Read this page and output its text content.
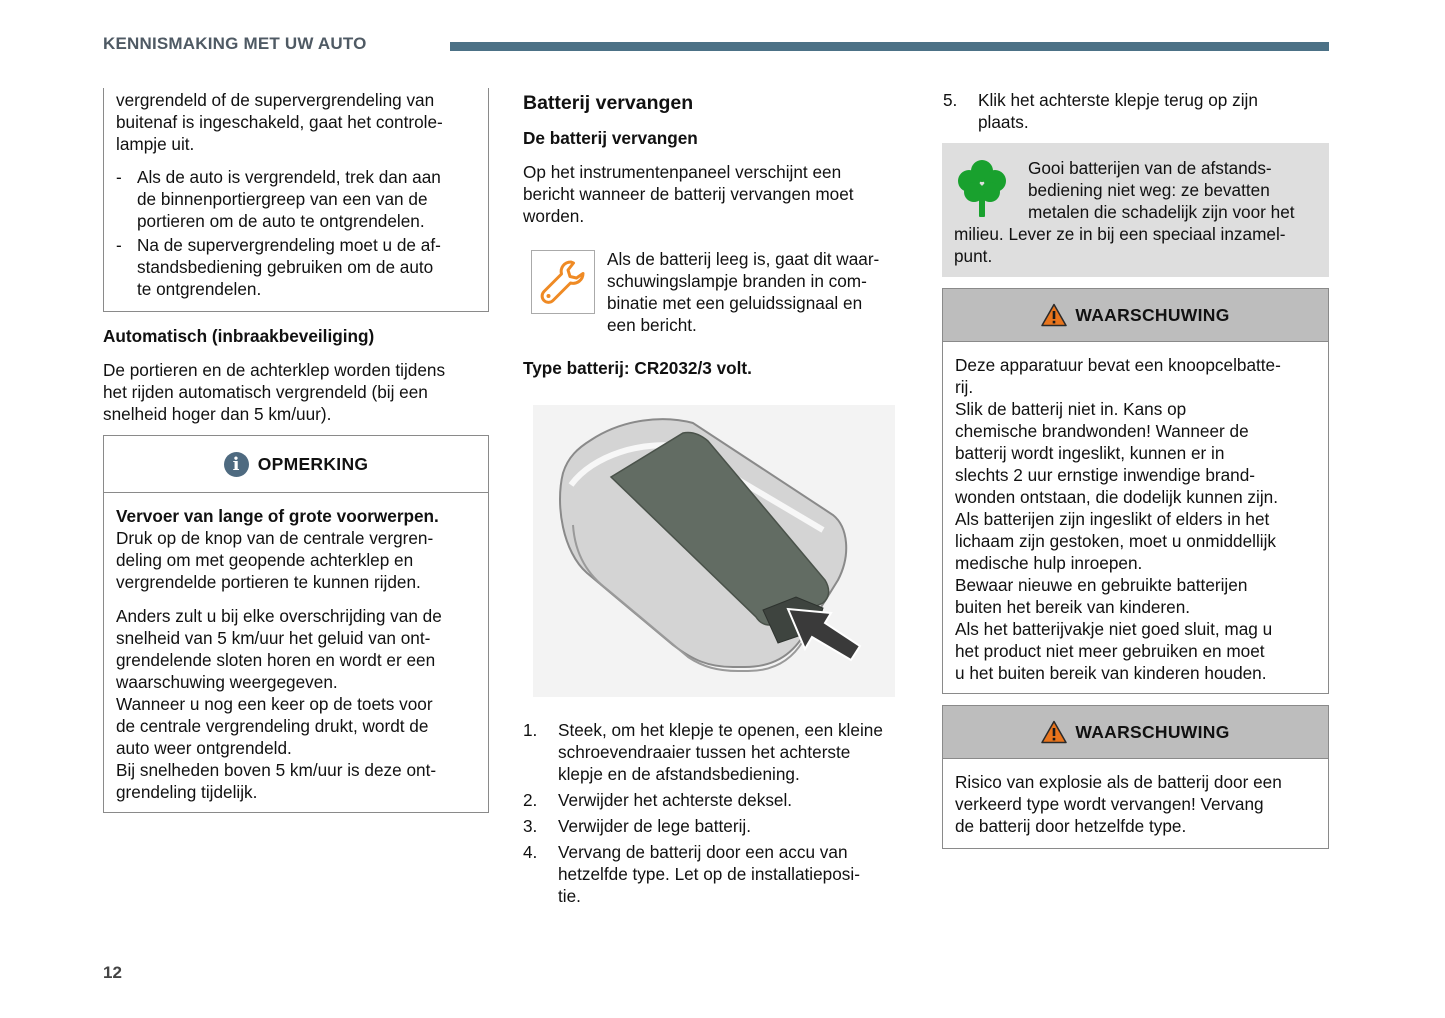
KENNISMAKING MET UW AUTO

vergrendeld of de supervergrendeling van

buitenaf is ingeschakeld, gaat het controle-

lampje uit.

- Als de auto is vergrendeld, trek dan aan

de binnenportiergreep van een van de

portieren om de auto te ontgrendelen.

- Na de supervergrendeling moet u de af-

standsbediening gebruiken om de auto

te ontgrendelen.

Automatisch (inbraakbeveiliging)

De portieren en de achterklep worden tijdens

het rijden automatisch vergrendeld (bij een

snelheid hoger dan 5 km/uur).

i	OPMERKING

Vervoer van lange of grote voorwerpen.

Druk op de knop van de centrale vergren-

deling om met geopende achterklep en

vergrendelde portieren te kunnen rijden.

Anders zult u bij elke overschrijding van de

snelheid van 5 km/uur het geluid van ont-

grendelende sloten horen en wordt er een

waarschuwing weergegeven.

Wanneer u nog een keer op de toets voor

de centrale vergrendeling drukt, wordt de

auto weer ontgrendeld.

Bij snelheden boven 5 km/uur is deze ont-

grendeling tijdelijk.

Batterij vervangen

De batterij vervangen

Op het instrumentenpaneel verschijnt een

bericht wanneer de batterij vervangen moet

worden.

Als de batterij leeg is, gaat dit waar-

schuwingslampje branden in com-

binatie met een geluidssignaal en

een bericht.

Type batterij: CR2032/3 volt.

1. Steek, om het klepje te openen, een kleine

schroevendraaier tussen het achterste

klepje en de afstandsbediening.

2. Verwijder het achterste deksel.

3. Verwijder de lege batterij.

4. Vervang de batterij door een accu van

hetzelfde type. Let op de installatieposi-

tie.

5. Klik het achterste klepje terug op zijn

plaats.

Gooi batterijen van de afstands-

bediening niet weg: ze bevatten

metalen die schadelijk zijn voor het

milieu. Lever ze in bij een speciaal inzamel-

punt.

WAARSCHUWING

Deze apparatuur bevat een knoopcelbatte-

rij.

Slik de batterij niet in. Kans op

chemische brandwonden! Wanneer de

batterij wordt ingeslikt, kunnen er in

slechts 2 uur ernstige inwendige brand-

wonden ontstaan, die dodelijk kunnen zijn.

Als batterijen zijn ingeslikt of elders in het

lichaam zijn gestoken, moet u onmiddellijk

medische hulp inroepen.

Bewaar nieuwe en gebruikte batterijen

buiten het bereik van kinderen.

Als het batterijvakje niet goed sluit, mag u

het product niet meer gebruiken en moet

u het buiten bereik van kinderen houden.

WAARSCHUWING

Risico van explosie als de batterij door een

verkeerd type wordt vervangen! Vervang

de batterij door hetzelfde type.

12
